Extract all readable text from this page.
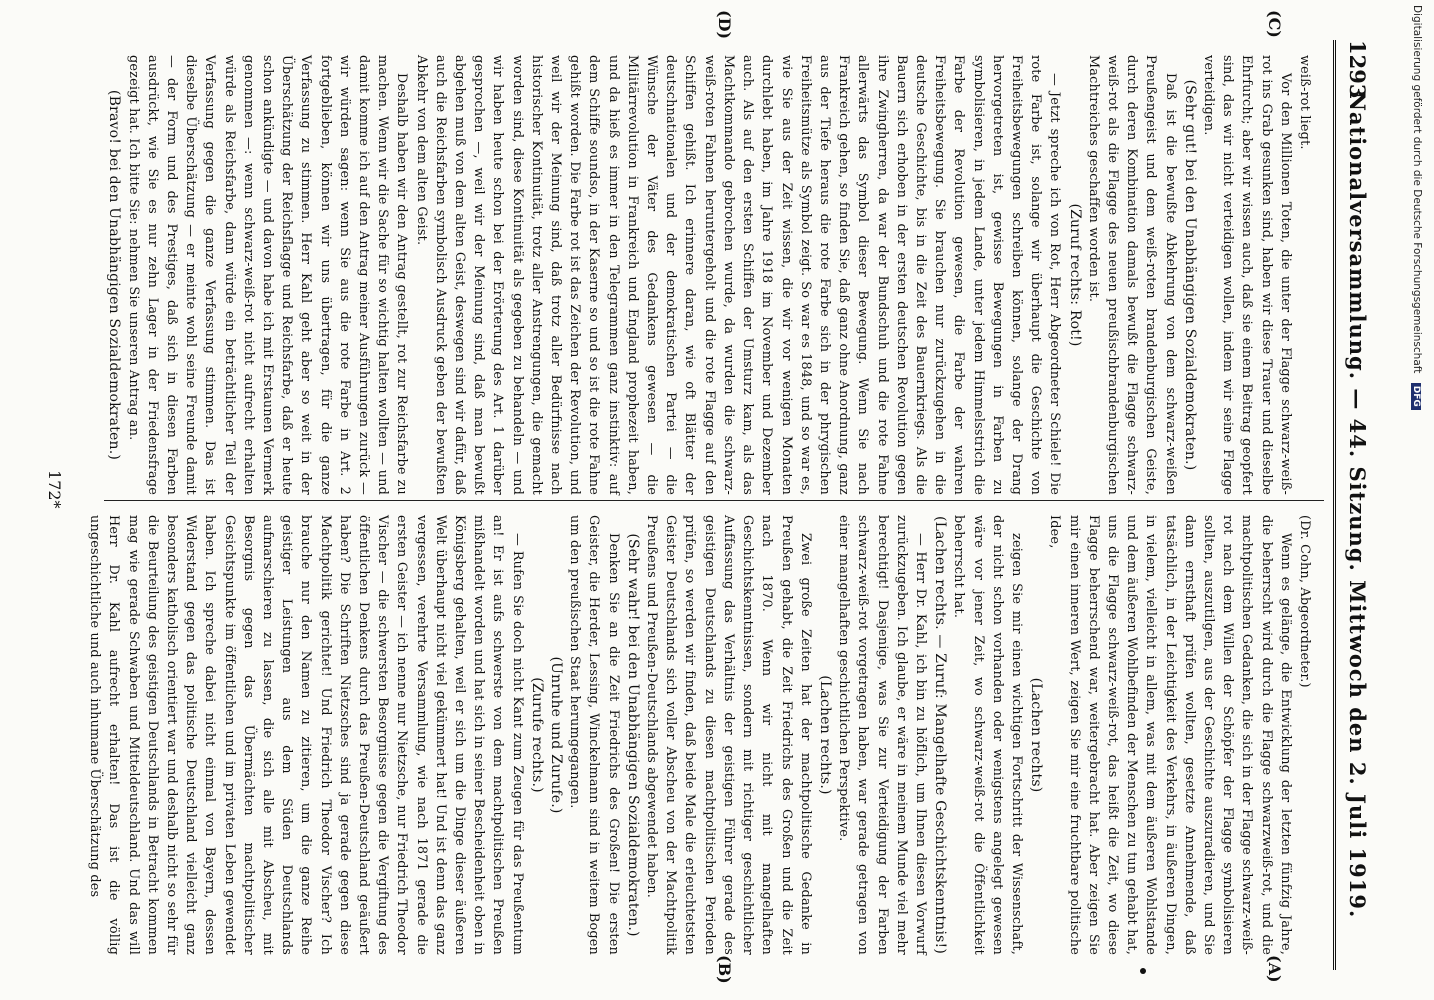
1293
Nationalversammlung. — 44. Sitzung. Mittwoch den 2. Juli 1919.
(C)
(D)
(A)
(B)

weiß-rot liegt.

Vor den Millionen Toten, die unter der Flagge schwarz-weiß-rot ins Grab gesunken sind, haben wir diese Trauer und dieselbe Ehrfurcht; aber wir wissen auch, daß sie einem Beitrag geopfert sind, das wir nicht verteidigen wollen, indem wir seine Flagge verteidigen.

(Sehr gut! bei den Unabhängigen Sozialdemokraten.)

Daß ist die bewußte Abkehrung von dem schwarz-weißen Preußengeist und dem weiß-roten brandenburgischen Geiste, durch deren Kombination damals bewußt die Flagge schwarz-weiß-rot als die Flagge des neuen preußischbrandenburgischen Machtreiches geschaffen worden ist.

(Zuruf rechts: Rot!)

— Jetzt spreche ich von Rot, Herr Abgeordneter Schiele! Die rote Farbe ist, solange wir überhaupt die Geschichte von Freiheitsbewegungen schreiben können, solange der Drang hervorgetreten ist, gewisse Bewegungen in Farben zu symbolisieren, in jedem Lande, unter jedem Himmelsstrich die Farbe der Revolution gewesen, die Farbe der wahren Freiheitsbewegung. Sie brauchen nur zurückzugehen in die deutsche Geschichte, bis in die Zeit des Bauernkriegs. Als die Bauern sich erhoben in der ersten deutschen Revolution gegen ihre Zwingherren, da war der Bundschuh und die rote Fahne allerwärts das Symbol dieser Bewegung. Wenn Sie nach Frankreich gehen, so finden Sie, daß ganz ohne Anordnung, ganz aus der Tiefe heraus die rote Farbe sich in der phrygischen Freiheitsmütze als Symbol zeigt. So war es 1848, und so war es, wie Sie aus der Zeit wissen, die wir vor wenigen Monaten durchlebt haben, im Jahre 1918 im November und Dezember auch. Als auf den ersten Schiffen der Umsturz kam, als das Machtkommando gebrochen wurde, da wurden die schwarz-weiß-roten Fahnen heruntergeholt und die rote Flagge auf den Schiffen gehißt. Ich erinnere daran, wie oft Blätter der deutschnationalen und der demokratischen Partei — die Wünsche der Väter des Gedankens gewesen — die Militärrevolution in Frankreich und England prophezeit haben, und da hieß es immer in den Telegrammen ganz instinktiv: auf dem Schiffe soundso, in der Kaserne so und so ist die rote Fahne gehißt worden. Die Farbe rot ist das Zeichen der Revolution, und weil wir der Meinung sind, daß trotz aller Bedürfnisse nach historischer Kontinuität, trotz aller Anstrengungen, die gemacht worden sind, diese Kontinuität als gegeben zu behandeln — und wir haben heute schon bei der Erörterung des Art. 1 darüber gesprochen —, weil wir der Meinung sind, daß man bewußt abgehen muß von dem alten Geist, deswegen sind wir dafür, daß auch die Reichsfarben symbolisch Ausdruck geben der bewußten Abkehr von dem alten Geist.

Deshalb haben wir den Antrag gestellt, rot zur Reichsfarbe zu machen. Wenn wir die Sache für so wichtig halten wollten — und damit komme ich auf den Antrag meiner Ausführungen zurück — wir würden sagen: wenn Sie aus die rote Farbe in Art. 2 fortgeblieben, können wir uns übertragen, für die ganze Verfassung zu stimmen. Herr Kahl geht aber so weit in der Überschätzung der Reichsflagge und Reichsfarbe, daß er heute schon ankündigte — und davon habe ich mit Erstaunen Vermerk genommen —: wenn schwarz-weiß-rot nicht aufrecht erhalten würde als Reichsfarbe, dann würde ein beträchtlicher Teil der Verfassung gegen die ganze Verfassung stimmen. Das ist dieselbe Überschätzung — er meinte wohl seine Freunde damit — der Form und des Prestiges, daß sich in diesen Farben ausdrückt, wie Sie es nur zehn Lager in der Friedensfrage gezeigt hat. Ich bitte Sie: nehmen Sie unseren Antrag an.

(Bravo! bei den Unabhängigen Sozialdemokraten.)

(Dr. Cohn, Abgeordneter.)

Wenn es gelänge, die Entwicklung der letzten fünfzig Jahre, die beherrscht wird durch die Flagge schwarzweiß-rot, und die machtpolitischen Gedanken, die sich in der Flagge schwarz-weiß-rot nach dem Willen der Schöpfer der Flagge symbolisieren sollten, auszutilgen, aus der Geschichte auszuradieren, und Sie dann ernsthaft prüfen wollten, gesetzte Annehmende, daß tatsächlich, in der Leichtigkeit des Verkehrs, in äußeren Dingen, in vielem, vielleicht in allem, was mit dem äußeren Wohlstande und dem äußeren Wohlbefinden der Menschen zu tun gehabt hat, uns die Flagge schwarz-weiß-rot, das heißt die Zeit, wo diese Flagge beherrschend war, weitergebracht hat. Aber zeigen Sie mir einen inneren Wert, zeigen Sie mir eine fruchtbare politische Idee,

(Lachen rechts)

zeigen Sie mir einen wichtigen Fortschritt der Wissenschaft, der nicht schon vorhanden oder wenigstens angelegt gewesen wäre vor jener Zeit, wo schwarz-weiß-rot die Öffentlichkeit beherrscht hat.

(Lachen rechts. — Zuruf: Mangelhafte Geschichtskenntnis!)

— Herr Dr. Kahl, ich bin zu höflich, um Ihnen diesen Vorwurf zurückzugeben. Ich glaube, er wäre in meinem Munde viel mehr berechtigt! Dasjenige, was Sie zur Verteidigung der Farben schwarz-weiß-rot vorgetragen haben, war gerade getragen von einer mangelhaften geschichtlichen Perspektive.

(Lachen rechts.)

Zwei große Zeiten hat der machtpolitische Gedanke in Preußen gehabt, die Zeit Friedrichs des Großen und die Zeit nach 1870. Wenn wir nicht mit mangelhaften Geschichtskenntnissen, sondern mit richtiger geschichtlicher Auffassung das Verhältnis der geistigen Führer gerade des geistigen Deutschlands zu diesen machtpolitischen Perioden prüfen, so werden wir finden, daß beide Male die erleuchtetsten Geister Deutschlands sich voller Abscheu von der Machtpolitik Preußens und Preußen-Deutschlands abgewendet haben.

(Sehr wahr! bei den Unabhängigen Sozialdemokraten.)

Denken Sie an die Zeit Friedrichs des Großen! Die ersten Geister, die Herder, Lessing, Winckelmann sind in weitem Bogen um den preußischen Staat herumgegangen.

(Unruhe und Zurufe.)

(Zurufe rechts.)

— Rufen Sie doch nicht Kant zum Zeugen für das Preußentum an! Er ist aufs schwerste von dem machtpolitischen Preußen mißhandelt worden und hat sich in seiner Bescheidenheit oben in Königsberg gehalten, weil er sich um die Dinge dieser äußeren Welt überhaupt nicht viel gekümmert hat! Und ist denn das ganz vergessen, verehrte Versammlung, wie nach 1871 gerade die ersten Geister — ich nenne nur Nietzsche, nur Friedrich Theodor Vischer — die schwersten Besorgnisse gegen die Vergiftung des öffentlichen Denkens durch das Preußen-Deutschland geäußert haben? Die Schriften Nietzsches sind ja gerade gegen diese Machtpolitik gerichtet! Und Friedrich Theodor Vischer? Ich brauche nur den Namen zu zitieren, um die ganze Reihe geistiger Leistungen aus dem Süden Deutschlands aufmarschieren zu lassen, die sich alle mit Abscheu, mit Besorgnis gegen das Übermächten machtpolitischer Gesichtspunkte im öffentlichen und im privaten Leben gewendet haben. Ich spreche dabei nicht einmal von Bayern, dessen Widerstand gegen das politische Deutschland vielleicht ganz besonders katholisch orientiert war und deshalb nicht so sehr für die Beurteilung des geistigen Deutschlands in Betracht kommen mag wie gerade Schwaben und Mitteldeutschland. Und das will Herr Dr. Kahl aufrecht erhalten! Das ist die völlig ungeschichtliche und auch inhumane Überschätzung des

172*
Digitalisierung gefördert durch die Deutsche Forschungsgemeinschaft DFG
